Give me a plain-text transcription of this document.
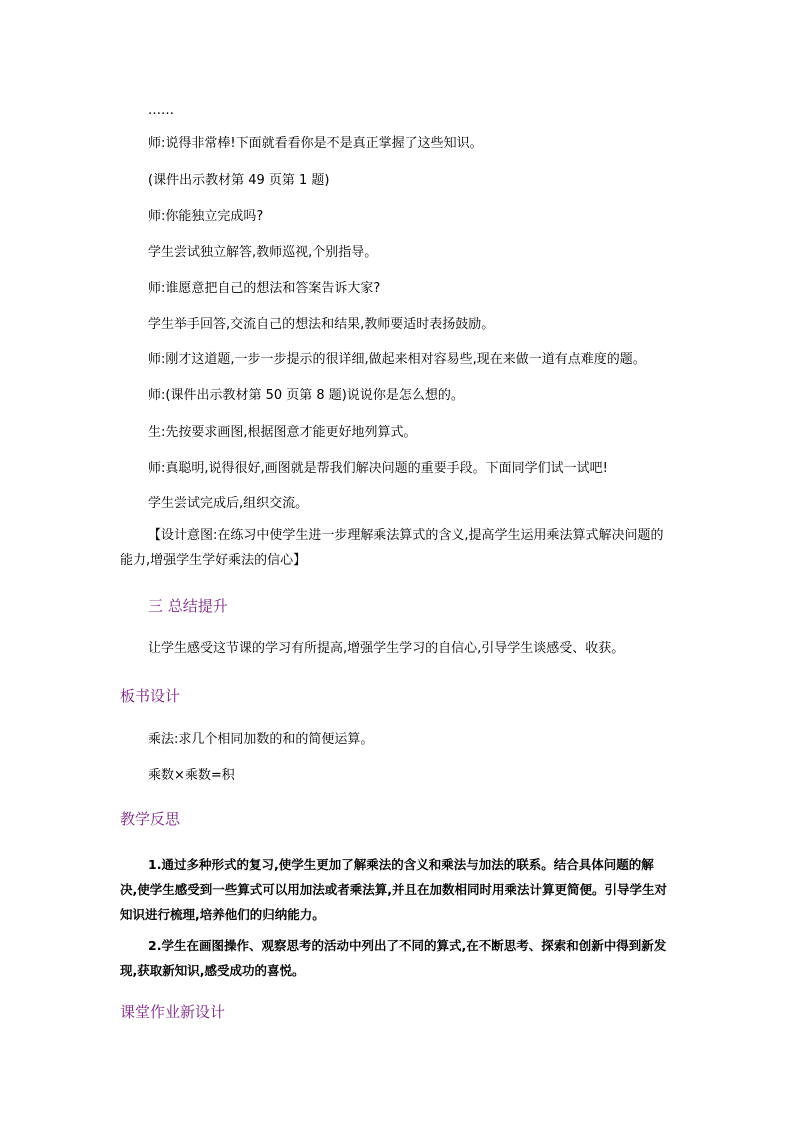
……
师:说得非常棒!下面就看看你是不是真正掌握了这些知识。
(课件出示教材第 49 页第 1 题)
师:你能独立完成吗?
学生尝试独立解答,教师巡视,个别指导。
师:谁愿意把自己的想法和答案告诉大家?
学生举手回答,交流自己的想法和结果,教师要适时表扬鼓励。
师:刚才这道题,一步一步提示的很详细,做起来相对容易些,现在来做一道有点难度的题。
师:(课件出示教材第 50 页第 8 题)说说你是怎么想的。
生:先按要求画图,根据图意才能更好地列算式。
师:真聪明,说得很好,画图就是帮我们解决问题的重要手段。下面同学们试一试吧!
学生尝试完成后,组织交流。
【设计意图:在练习中使学生进一步理解乘法算式的含义,提高学生运用乘法算式解决问题的能力,增强学生学好乘法的信心】
三 总结提升
让学生感受这节课的学习有所提高,增强学生学习的自信心,引导学生谈感受、收获。
板书设计
乘法:求几个相同加数的和的简便运算。
乘数×乘数=积
教学反思
1.通过多种形式的复习,使学生更加了解乘法的含义和乘法与加法的联系。结合具体问题的解决,使学生感受到一些算式可以用加法或者乘法算,并且在加数相同时用乘法计算更简便。引导学生对知识进行梳理,培养他们的归纳能力。
2.学生在画图操作、观察思考的活动中列出了不同的算式,在不断思考、探索和创新中得到新发现,获取新知识,感受成功的喜悦。
课堂作业新设计
